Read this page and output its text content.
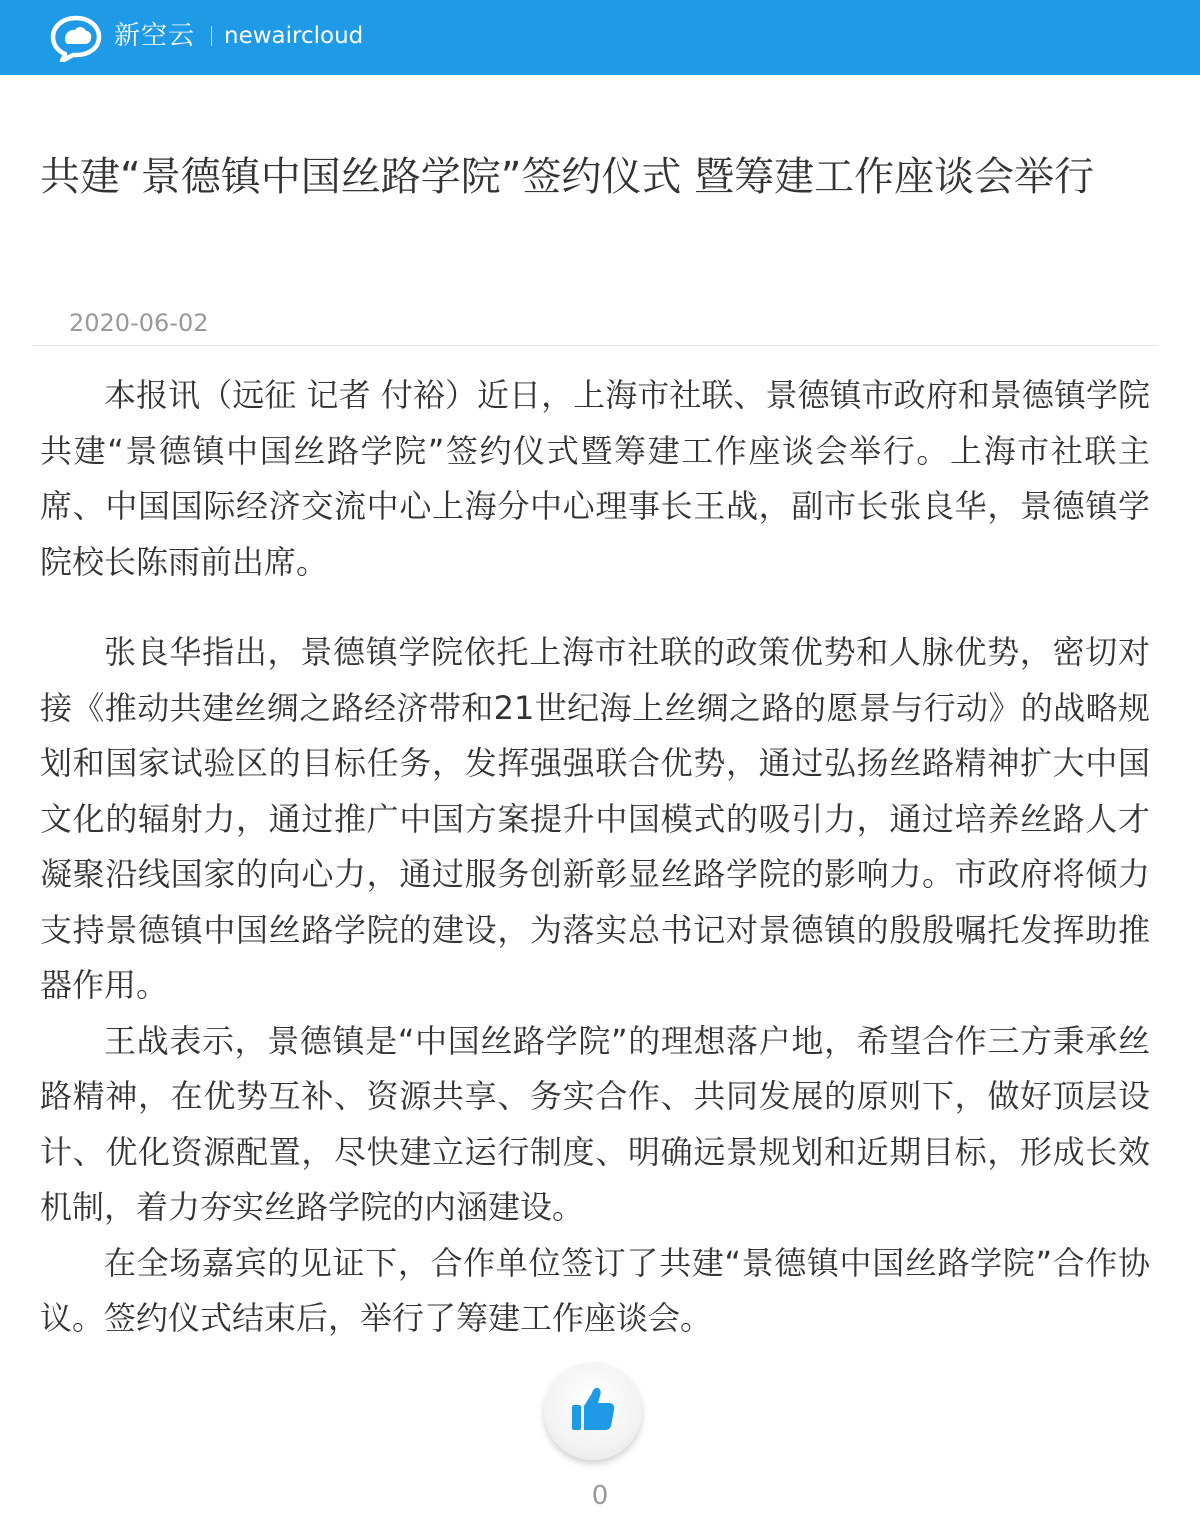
新空云 newaircloud
共建“景德镇中国丝路学院”签约仪式 暨筹建工作座谈会举行
2020-06-02

本报讯（远征 记者 付裕）近日，上海市社联、景德镇市政府和景德镇学院共建“景德镇中国丝路学院”签约仪式暨筹建工作座谈会举行。上海市社联主席、中国国际经济交流中心上海分中心理事长王战，副市长张良华，景德镇学院校长陈雨前出席。

张良华指出，景德镇学院依托上海市社联的政策优势和人脉优势，密切对接《推动共建丝绸之路经济带和21世纪海上丝绸之路的愿景与行动》的战略规划和国家试验区的目标任务，发挥强强联合优势，通过弘扬丝路精神扩大中国文化的辐射力，通过推广中国方案提升中国模式的吸引力，通过培养丝路人才凝聚沿线国家的向心力，通过服务创新彰显丝路学院的影响力。市政府将倾力支持景德镇中国丝路学院的建设，为落实总书记对景德镇的殷殷嘱托发挥助推器作用。

王战表示，景德镇是“中国丝路学院”的理想落户地，希望合作三方秉承丝路精神，在优势互补、资源共享、务实合作、共同发展的原则下，做好顶层设计、优化资源配置，尽快建立运行制度、明确远景规划和近期目标，形成长效机制，着力夯实丝路学院的内涵建设。

在全场嘉宾的见证下，合作单位签订了共建“景德镇中国丝路学院”合作协议。签约仪式结束后，举行了筹建工作座谈会。

0
